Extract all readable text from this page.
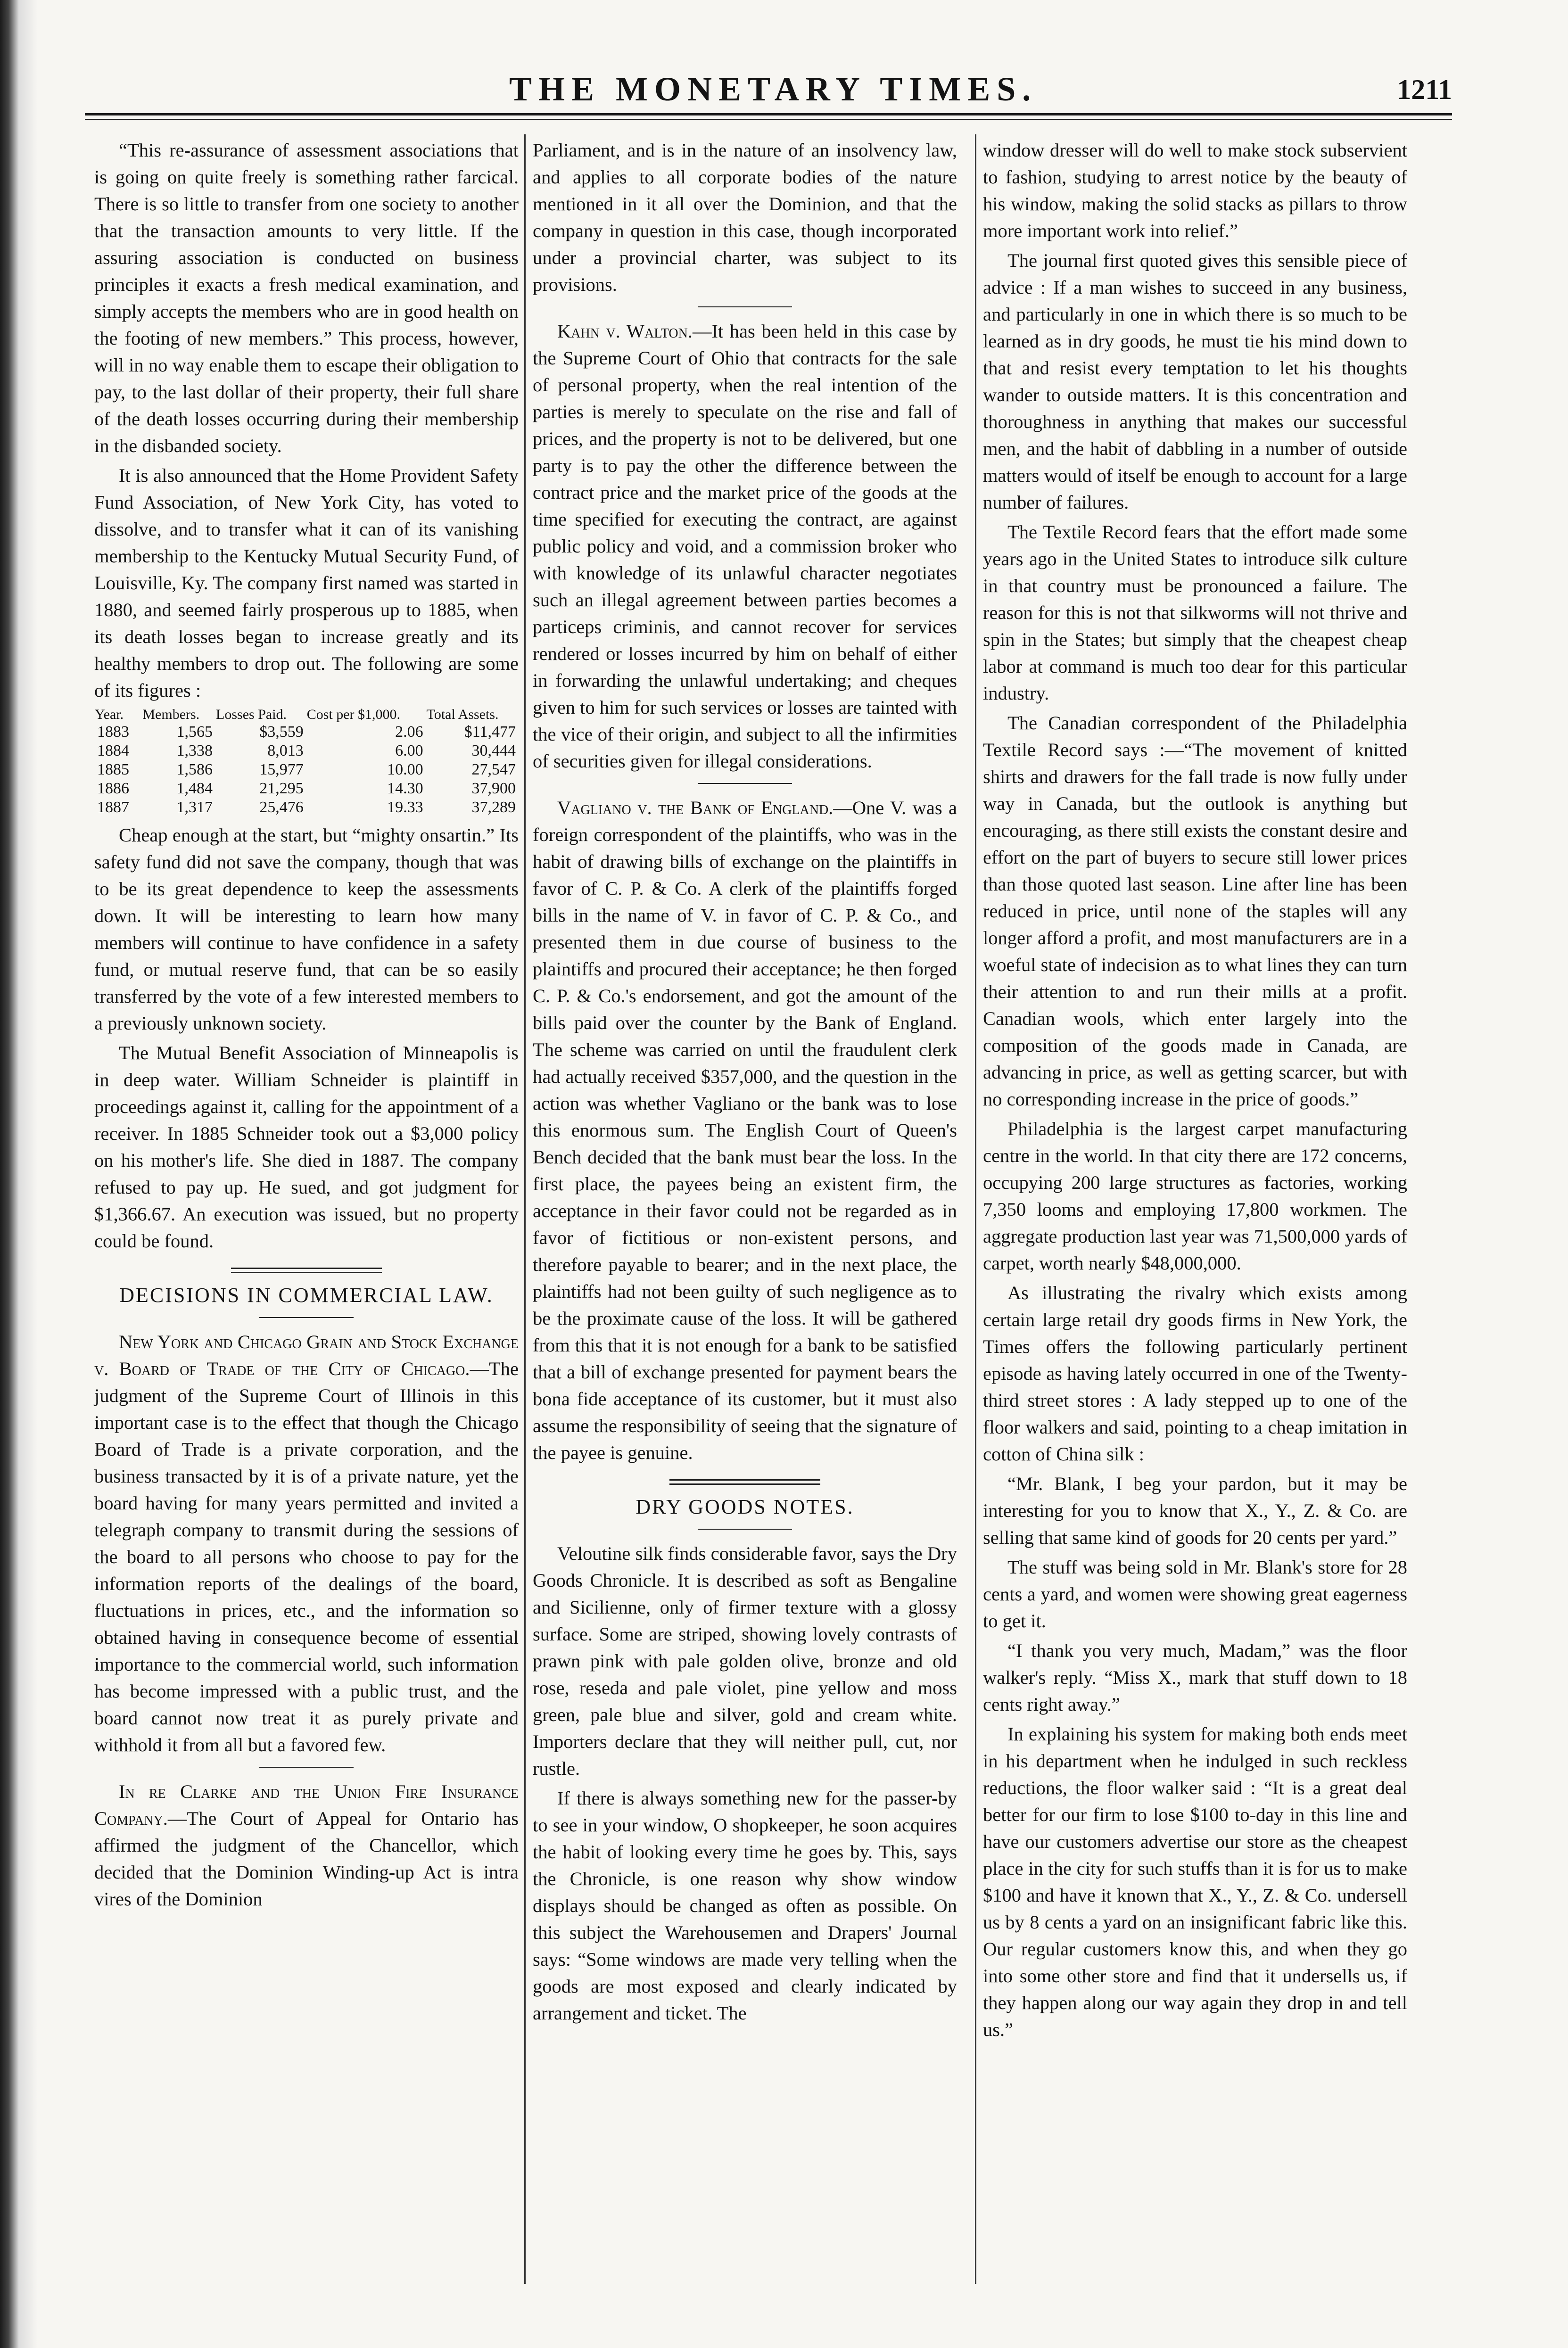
THE MONETARY TIMES.	1211

“This re-assurance of assessment associations that is going on quite freely is something rather farcical. There is so little to transfer from one society to another that the transaction amounts to very little. If the assuring association is conducted on business principles it exacts a fresh medical examination, and simply accepts the members who are in good health on the footing of new members.” This process, however, will in no way enable them to escape their obligation to pay, to the last dollar of their property, their full share of the death losses occurring during their membership in the disbanded society.

It is also announced that the Home Provident Safety Fund Association, of New York City, has voted to dissolve, and to transfer what it can of its vanishing membership to the Kentucky Mutual Security Fund, of Louisville, Ky. The company first named was started in 1880, and seemed fairly prosperous up to 1885, when its death losses began to increase greatly and its healthy members to drop out. The following are some of its figures :

Year.	Members.	Losses Paid.	Cost per $1,000.	Total Assets.
1883	1,565	$3,559	2.06	$11,477
1884	1,338	8,013	6.00	30,444
1885	1,586	15,977	10.00	27,547
1886	1,484	21,295	14.30	37,900
1887	1,317	25,476	19.33	37,289

Cheap enough at the start, but “mighty onsartin.” Its safety fund did not save the company, though that was to be its great dependence to keep the assessments down. It will be interesting to learn how many members will continue to have confidence in a safety fund, or mutual reserve fund, that can be so easily transferred by the vote of a few interested members to a previously unknown society.

The Mutual Benefit Association of Minneapolis is in deep water. William Schneider is plaintiff in proceedings against it, calling for the appointment of a receiver. In 1885 Schneider took out a $3,000 policy on his mother's life. She died in 1887. The company refused to pay up. He sued, and got judgment for $1,366.67. An execution was issued, but no property could be found.

DECISIONS IN COMMERCIAL LAW.

New York and Chicago Grain and Stock Exchange v. Board of Trade of the City of Chicago.—The judgment of the Supreme Court of Illinois in this important case is to the effect that though the Chicago Board of Trade is a private corporation, and the business transacted by it is of a private nature, yet the board having for many years permitted and invited a telegraph company to transmit during the sessions of the board to all persons who choose to pay for the information reports of the dealings of the board, fluctuations in prices, etc., and the information so obtained having in consequence become of essential importance to the commercial world, such information has become impressed with a public trust, and the board cannot now treat it as purely private and withhold it from all but a favored few.

In re Clarke and the Union Fire Insurance Company.—The Court of Appeal for Ontario has affirmed the judgment of the Chancellor, which decided that the Dominion Winding-up Act is intra vires of the Dominion

Parliament, and is in the nature of an insolvency law, and applies to all corporate bodies of the nature mentioned in it all over the Dominion, and that the company in question in this case, though incorporated under a provincial charter, was subject to its provisions.

Kahn v. Walton.—It has been held in this case by the Supreme Court of Ohio that contracts for the sale of personal property, when the real intention of the parties is merely to speculate on the rise and fall of prices, and the property is not to be delivered, but one party is to pay the other the difference between the contract price and the market price of the goods at the time specified for executing the contract, are against public policy and void, and a commission broker who with knowledge of its unlawful character negotiates such an illegal agreement between parties becomes a particeps criminis, and cannot recover for services rendered or losses incurred by him on behalf of either in forwarding the unlawful undertaking; and cheques given to him for such services or losses are tainted with the vice of their origin, and subject to all the infirmities of securities given for illegal considerations.

Vagliano v. the Bank of England.—One V. was a foreign correspondent of the plaintiffs, who was in the habit of drawing bills of exchange on the plaintiffs in favor of C. P. & Co. A clerk of the plaintiffs forged bills in the name of V. in favor of C. P. & Co., and presented them in due course of business to the plaintiffs and procured their acceptance; he then forged C. P. & Co.'s endorsement, and got the amount of the bills paid over the counter by the Bank of England. The scheme was carried on until the fraudulent clerk had actually received $357,000, and the question in the action was whether Vagliano or the bank was to lose this enormous sum. The English Court of Queen's Bench decided that the bank must bear the loss. In the first place, the payees being an existent firm, the acceptance in their favor could not be regarded as in favor of fictitious or non-existent persons, and therefore payable to bearer; and in the next place, the plaintiffs had not been guilty of such negligence as to be the proximate cause of the loss. It will be gathered from this that it is not enough for a bank to be satisfied that a bill of exchange presented for payment bears the bona fide acceptance of its customer, but it must also assume the responsibility of seeing that the signature of the payee is genuine.

DRY GOODS NOTES.

Veloutine silk finds considerable favor, says the Dry Goods Chronicle. It is described as soft as Bengaline and Sicilienne, only of firmer texture with a glossy surface. Some are striped, showing lovely contrasts of prawn pink with pale golden olive, bronze and old rose, reseda and pale violet, pine yellow and moss green, pale blue and silver, gold and cream white. Importers declare that they will neither pull, cut, nor rustle.

If there is always something new for the passer-by to see in your window, O shopkeeper, he soon acquires the habit of looking every time he goes by. This, says the Chronicle, is one reason why show window displays should be changed as often as possible. On this subject the Warehousemen and Drapers' Journal says: “Some windows are made very telling when the goods are most exposed and clearly indicated by arrangement and ticket. The

window dresser will do well to make stock subservient to fashion, studying to arrest notice by the beauty of his window, making the solid stacks as pillars to throw more important work into relief.”

The journal first quoted gives this sensible piece of advice : If a man wishes to succeed in any business, and particularly in one in which there is so much to be learned as in dry goods, he must tie his mind down to that and resist every temptation to let his thoughts wander to outside matters. It is this concentration and thoroughness in anything that makes our successful men, and the habit of dabbling in a number of outside matters would of itself be enough to account for a large number of failures.

The Textile Record fears that the effort made some years ago in the United States to introduce silk culture in that country must be pronounced a failure. The reason for this is not that silkworms will not thrive and spin in the States; but simply that the cheapest cheap labor at command is much too dear for this particular industry.

The Canadian correspondent of the Philadelphia Textile Record says :—“The movement of knitted shirts and drawers for the fall trade is now fully under way in Canada, but the outlook is anything but encouraging, as there still exists the constant desire and effort on the part of buyers to secure still lower prices than those quoted last season. Line after line has been reduced in price, until none of the staples will any longer afford a profit, and most manufacturers are in a woeful state of indecision as to what lines they can turn their attention to and run their mills at a profit. Canadian wools, which enter largely into the composition of the goods made in Canada, are advancing in price, as well as getting scarcer, but with no corresponding increase in the price of goods.”

Philadelphia is the largest carpet manufacturing centre in the world. In that city there are 172 concerns, occupying 200 large structures as factories, working 7,350 looms and employing 17,800 workmen. The aggregate production last year was 71,500,000 yards of carpet, worth nearly $48,000,000.

As illustrating the rivalry which exists among certain large retail dry goods firms in New York, the Times offers the following particularly pertinent episode as having lately occurred in one of the Twenty-third street stores : A lady stepped up to one of the floor walkers and said, pointing to a cheap imitation in cotton of China silk :

“Mr. Blank, I beg your pardon, but it may be interesting for you to know that X., Y., Z. & Co. are selling that same kind of goods for 20 cents per yard.”

The stuff was being sold in Mr. Blank's store for 28 cents a yard, and women were showing great eagerness to get it.

“I thank you very much, Madam,” was the floor walker's reply. “Miss X., mark that stuff down to 18 cents right away.”

In explaining his system for making both ends meet in his department when he indulged in such reckless reductions, the floor walker said : “It is a great deal better for our firm to lose $100 to-day in this line and have our customers advertise our store as the cheapest place in the city for such stuffs than it is for us to make $100 and have it known that X., Y., Z. & Co. undersell us by 8 cents a yard on an insignificant fabric like this. Our regular customers know this, and when they go into some other store and find that it undersells us, if they happen along our way again they drop in and tell us.”
